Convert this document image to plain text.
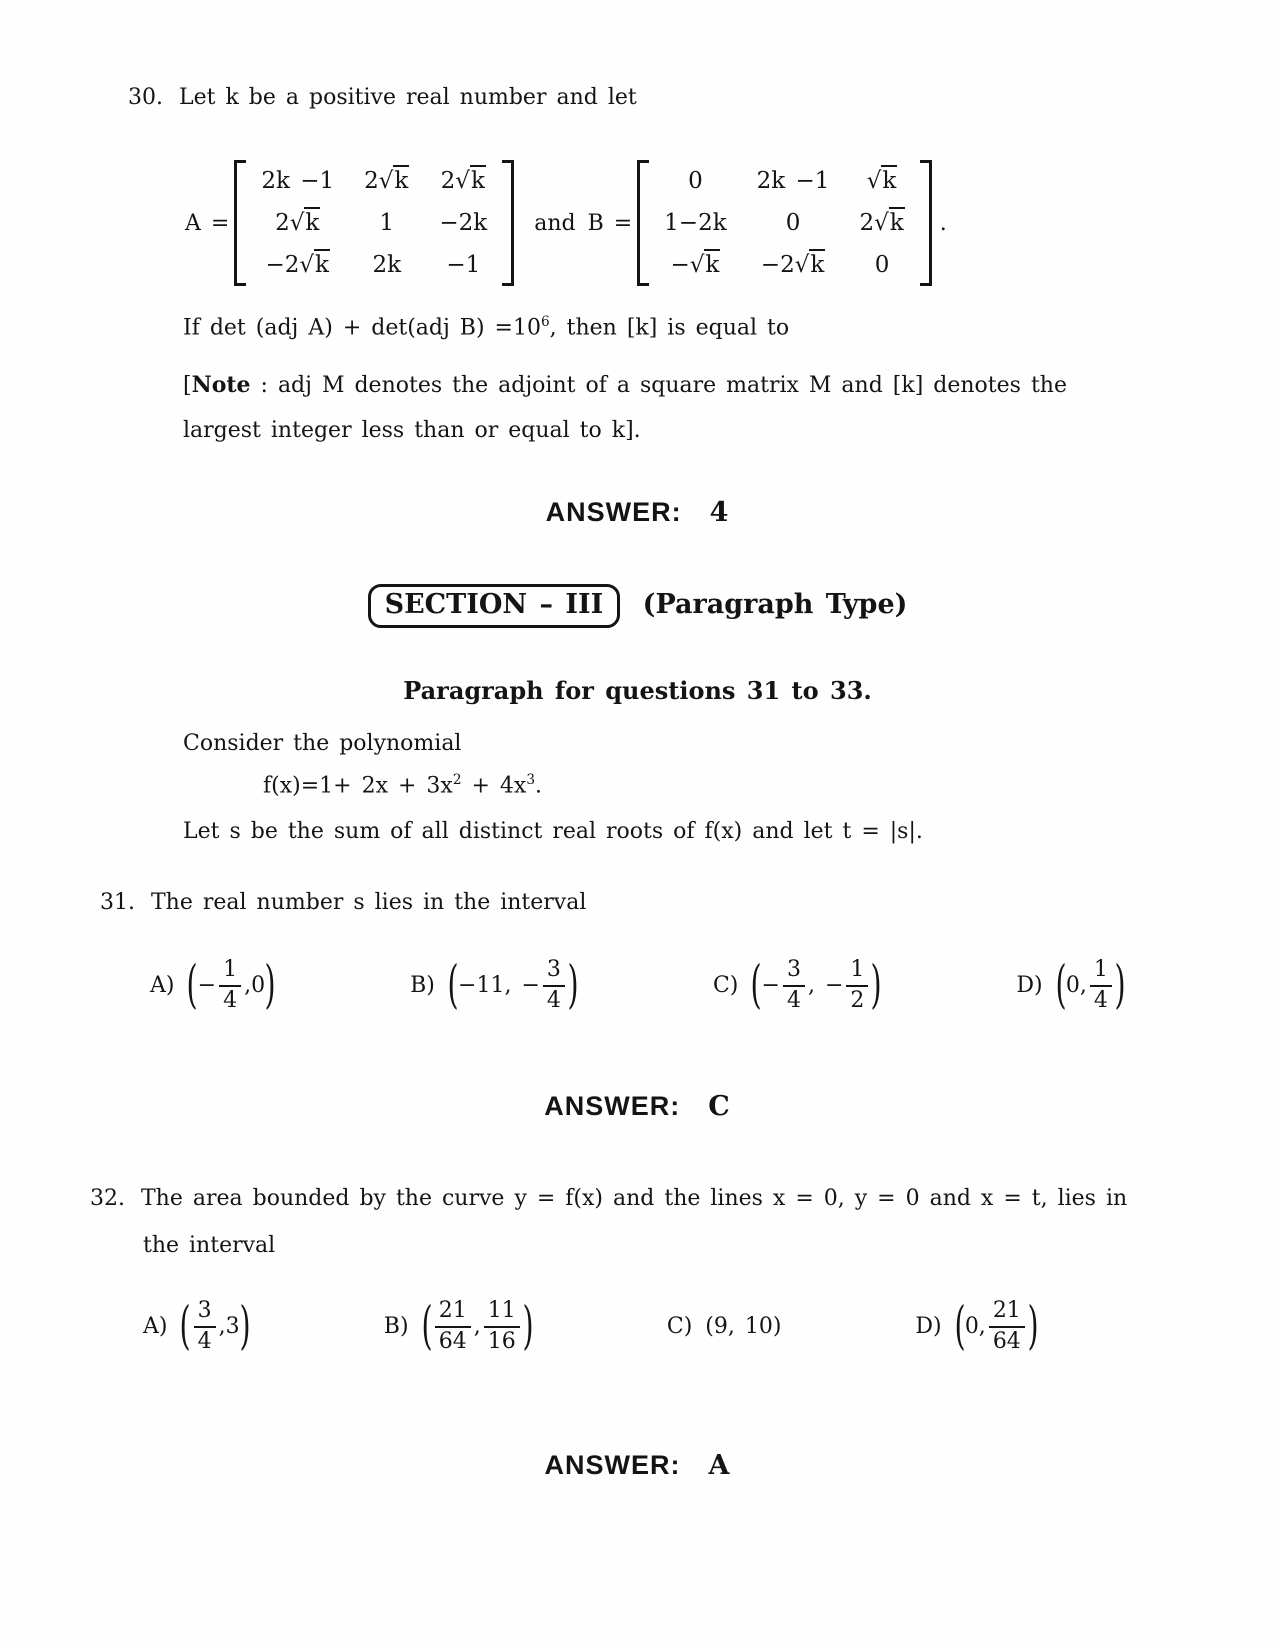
30. Let k be a positive real number and let
A =
2k −1	2 √k	2 √k
2 √k	1	−2k
−2 √k	2k	−1
and B =
0	2k −1	√k
1−2k	0	2 √k
− √k	−2 √k	0
.
If det (adj A) + det(adj $B) =10^6$, then [k] is equal to
[Note : adj M denotes the adjoint of a square matrix M and [k] denotes the
largest integer less than or equal to k].
ANSWER: 4
SECTION – III (Paragraph Type)
Paragraph for questions 31 to 33.
Consider the polynomial
$f(x)=1+ 2x + 3x^2 + 4x^3$.
Let s be the sum of all distinct real roots of f(x) and let t = |s|.
31. The real number s lies in the interval
A) ( − $\frac{1}{4} ,0$ )	B) ( −11, − $\frac{3}{4}$ )	C) ( − $\frac{3}{4}$ , − $\frac{1}{2}$ )	D) ( 0, $\frac{1}{4}$ )
ANSWER: C
32. The area bounded by the curve y = f(x) and the lines x = 0, y = 0 and x = t, lies in
the interval
A) ( $\frac{3}{4} ,3$ )	B) ( $\frac{21}{64}$ , $\frac{11}{16}$ )	C) (9, 10)	D) ( 0, $\frac{21}{64}$ )
ANSWER: A
